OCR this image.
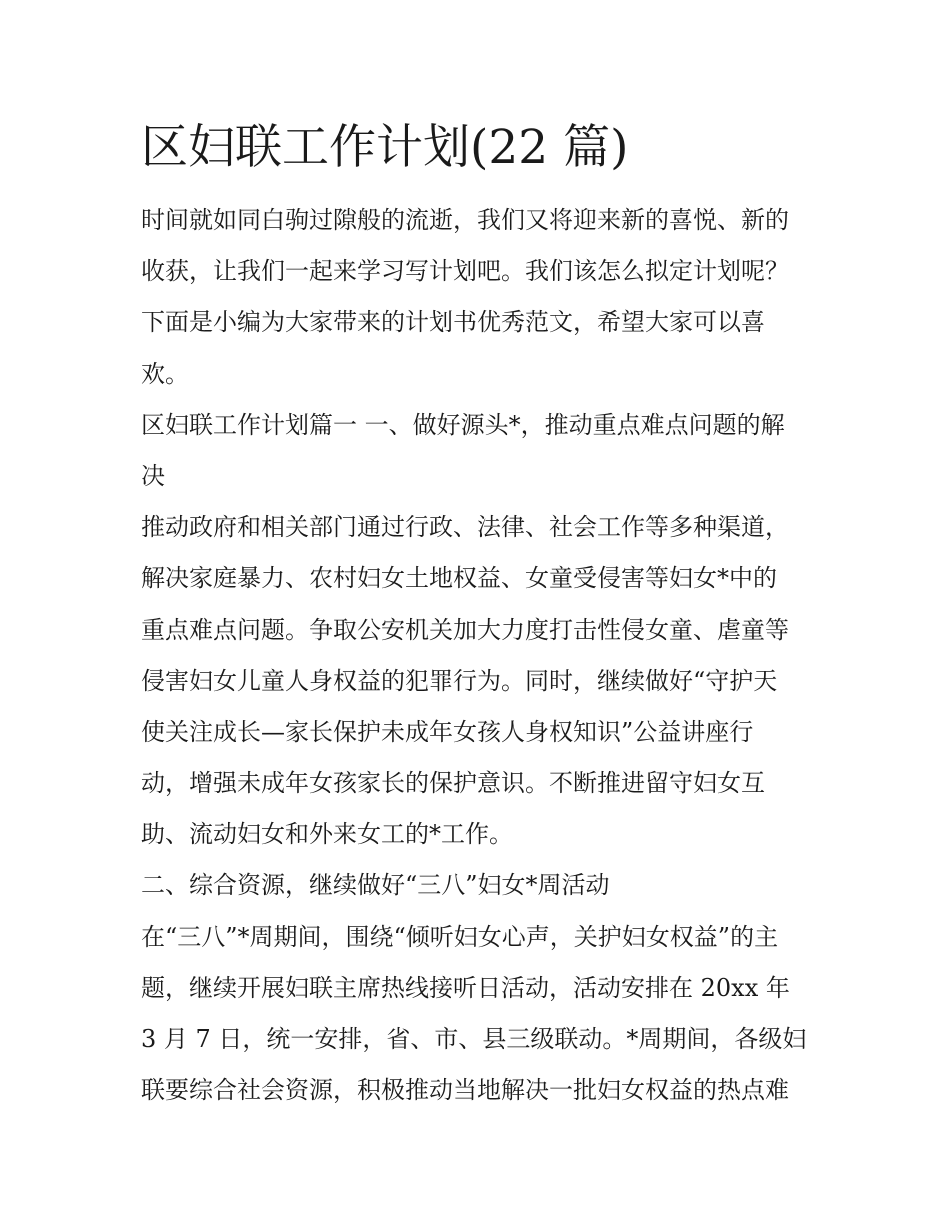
区妇联工作计划(22 篇)
时间就如同白驹过隙般的流逝，我们又将迎来新的喜悦、新的
收获，让我们一起来学习写计划吧。我们该怎么拟定计划呢？
下面是小编为大家带来的计划书优秀范文，希望大家可以喜
欢。
区妇联工作计划篇一 一、做好源头*，推动重点难点问题的解
决
推动政府和相关部门通过行政、法律、社会工作等多种渠道，
解决家庭暴力、农村妇女土地权益、女童受侵害等妇女*中的
重点难点问题。争取公安机关加大力度打击性侵女童、虐童等
侵害妇女儿童人身权益的犯罪行为。同时，继续做好“守护天
使关注成长—家长保护未成年女孩人身权知识”公益讲座行
动，增强未成年女孩家长的保护意识。不断推进留守妇女互
助、流动妇女和外来女工的*工作。
二、综合资源，继续做好“三八”妇女*周活动
在“三八”*周期间，围绕“倾听妇女心声，关护妇女权益”的主
题，继续开展妇联主席热线接听日活动，活动安排在 20xx 年
3 月 7 日，统一安排，省、市、县三级联动。*周期间，各级妇
联要综合社会资源，积极推动当地解决一批妇女权益的热点难
